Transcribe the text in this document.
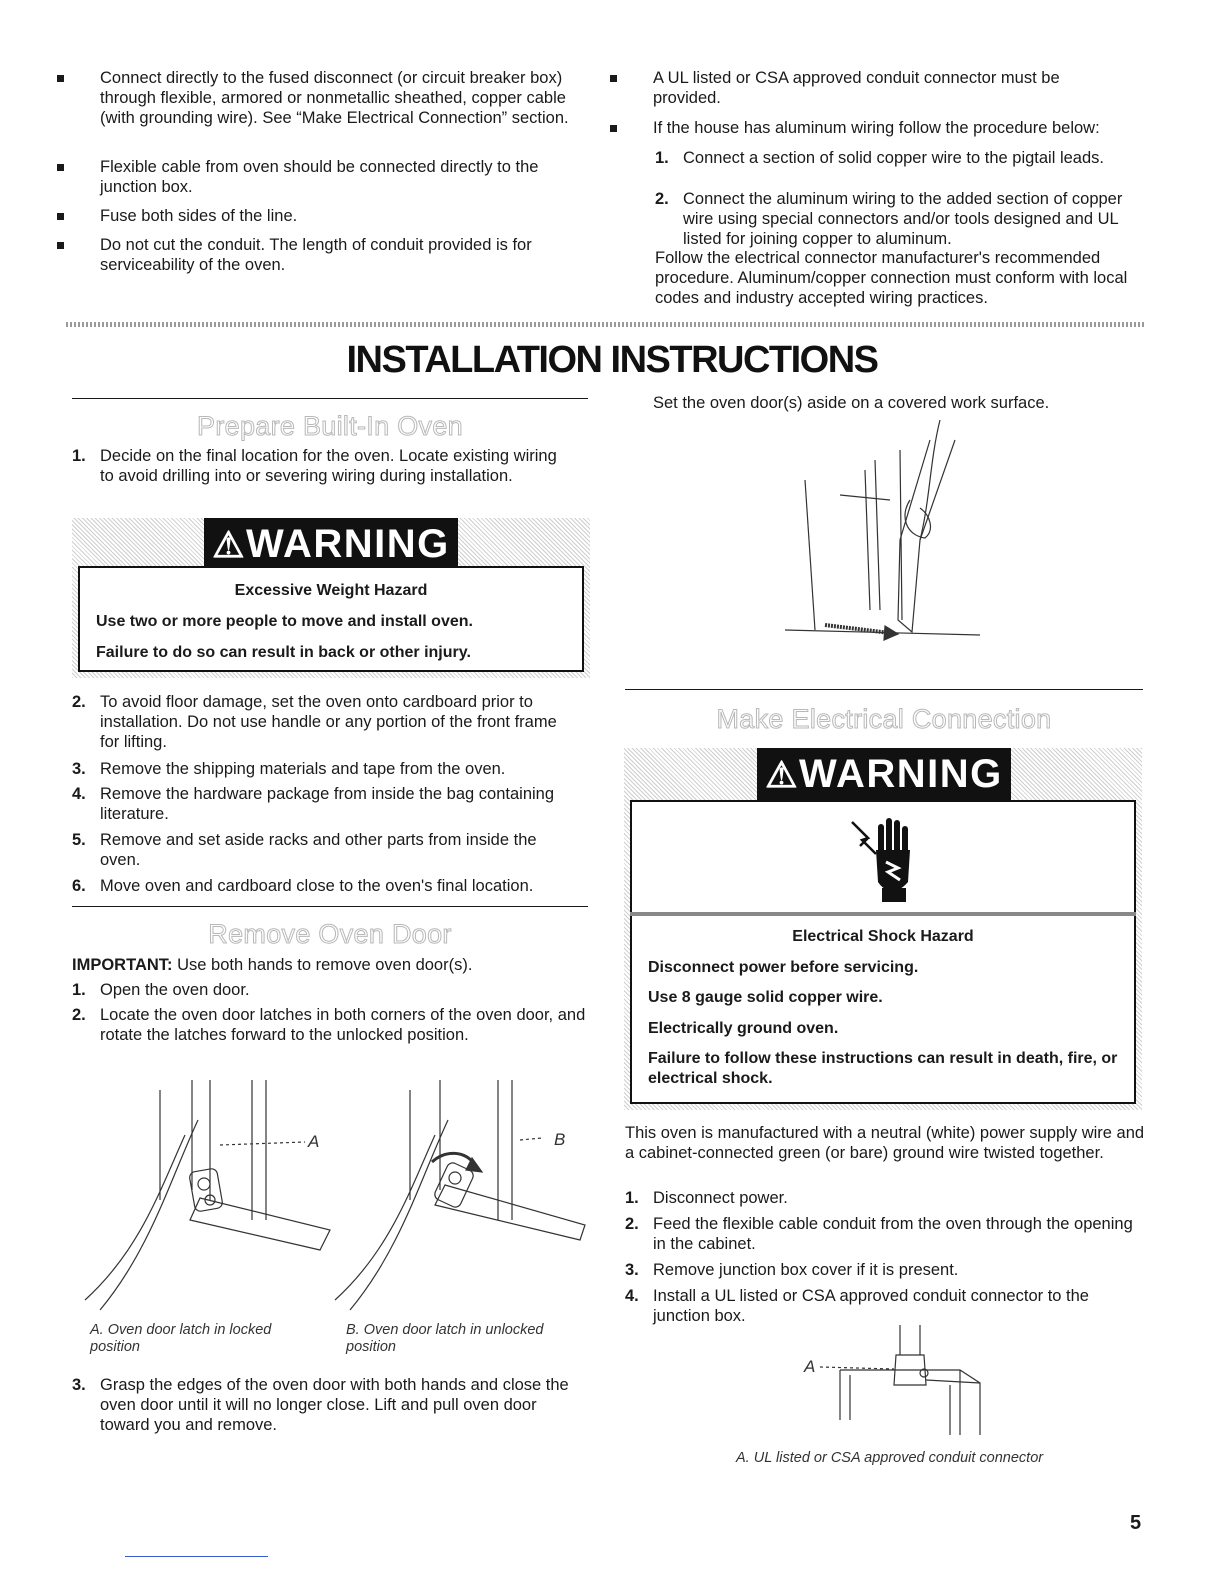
Connect directly to the fused disconnect (or circuit breaker box) through flexible, armored or nonmetallic sheathed, copper cable (with grounding wire). See “Make Electrical Connection” section.
Flexible cable from oven should be connected directly to the junction box.
Fuse both sides of the line.
Do not cut the conduit. The length of conduit provided is for serviceability of the oven.
A UL listed or CSA approved conduit connector must be provided.
If the house has aluminum wiring follow the procedure below:
1. Connect a section of solid copper wire to the pigtail leads.
2. Connect the aluminum wiring to the added section of copper wire using special connectors and/or tools designed and UL listed for joining copper to aluminum.
Follow the electrical connector manufacturer's recommended procedure. Aluminum/copper connection must conform with local codes and industry accepted wiring practices.
INSTALLATION INSTRUCTIONS
Prepare Built-In Oven
1. Decide on the final location for the oven. Locate existing wiring to avoid drilling into or severing wiring during installation.
⚠WARNING
Excessive Weight Hazard
Use two or more people to move and install oven.
Failure to do so can result in back or other injury.
2. To avoid floor damage, set the oven onto cardboard prior to installation. Do not use handle or any portion of the front frame for lifting.
3. Remove the shipping materials and tape from the oven.
4. Remove the hardware package from inside the bag containing literature.
5. Remove and set aside racks and other parts from inside the oven.
6. Move oven and cardboard close to the oven's final location.
Remove Oven Door
IMPORTANT: Use both hands to remove oven door(s).
1. Open the oven door.
2. Locate the oven door latches in both corners of the oven door, and rotate the latches forward to the unlocked position.
A	B
A. Oven door latch in locked position
B. Oven door latch in unlocked position
3. Grasp the edges of the oven door with both hands and close the oven door until it will no longer close. Lift and pull oven door toward you and remove.
Set the oven door(s) aside on a covered work surface.
Make Electrical Connection
⚠WARNING
Electrical Shock Hazard
Disconnect power before servicing.
Use 8 gauge solid copper wire.
Electrically ground oven.
Failure to follow these instructions can result in death, fire, or electrical shock.
This oven is manufactured with a neutral (white) power supply wire and a cabinet-connected green (or bare) ground wire twisted together.
1. Disconnect power.
2. Feed the flexible cable conduit from the oven through the opening in the cabinet.
3. Remove junction box cover if it is present.
4. Install a UL listed or CSA approved conduit connector to the junction box.
A
A. UL listed or CSA approved conduit connector
5
